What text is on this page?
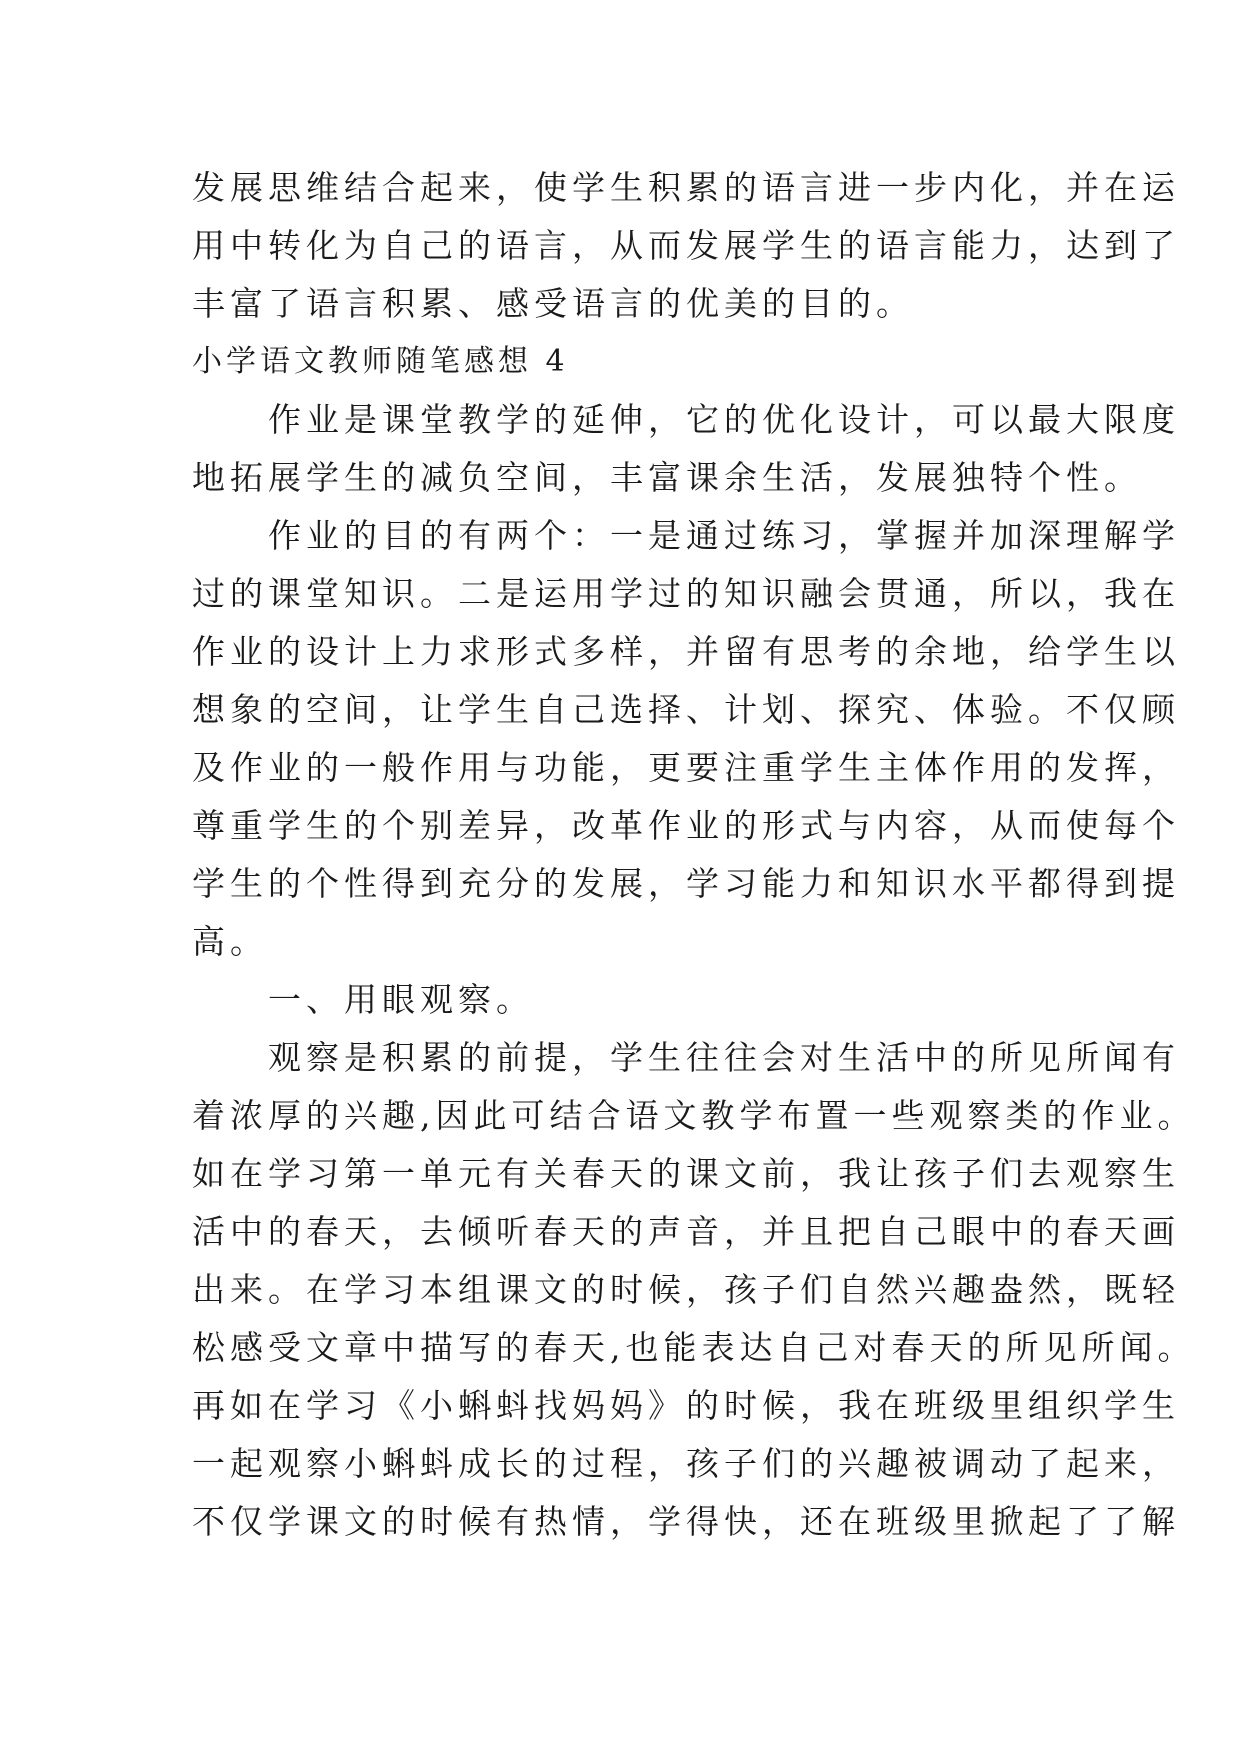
发展思维结合起来，使学生积累的语言进一步内化，并在运
用中转化为自己的语言，从而发展学生的语言能力，达到了
丰富了语言积累、感受语言的优美的目的。
小学语文教师随笔感想 4
　　作业是课堂教学的延伸，它的优化设计，可以最大限度
地拓展学生的减负空间，丰富课余生活，发展独特个性。
　　作业的目的有两个：一是通过练习，掌握并加深理解学
过的课堂知识。二是运用学过的知识融会贯通，所以，我在
作业的设计上力求形式多样，并留有思考的余地，给学生以
想象的空间，让学生自己选择、计划、探究、体验。不仅顾
及作业的一般作用与功能，更要注重学生主体作用的发挥，
尊重学生的个别差异，改革作业的形式与内容，从而使每个
学生的个性得到充分的发展，学习能力和知识水平都得到提
高。
　　一、用眼观察。
　　观察是积累的前提，学生往往会对生活中的所见所闻有
着浓厚的兴趣,因此可结合语文教学布置一些观察类的作业。
如在学习第一单元有关春天的课文前，我让孩子们去观察生
活中的春天，去倾听春天的声音，并且把自己眼中的春天画
出来。在学习本组课文的时候，孩子们自然兴趣盎然，既轻
松感受文章中描写的春天,也能表达自己对春天的所见所闻。
再如在学习《小蝌蚪找妈妈》的时候，我在班级里组织学生
一起观察小蝌蚪成长的过程，孩子们的兴趣被调动了起来，
不仅学课文的时候有热情，学得快，还在班级里掀起了了解
